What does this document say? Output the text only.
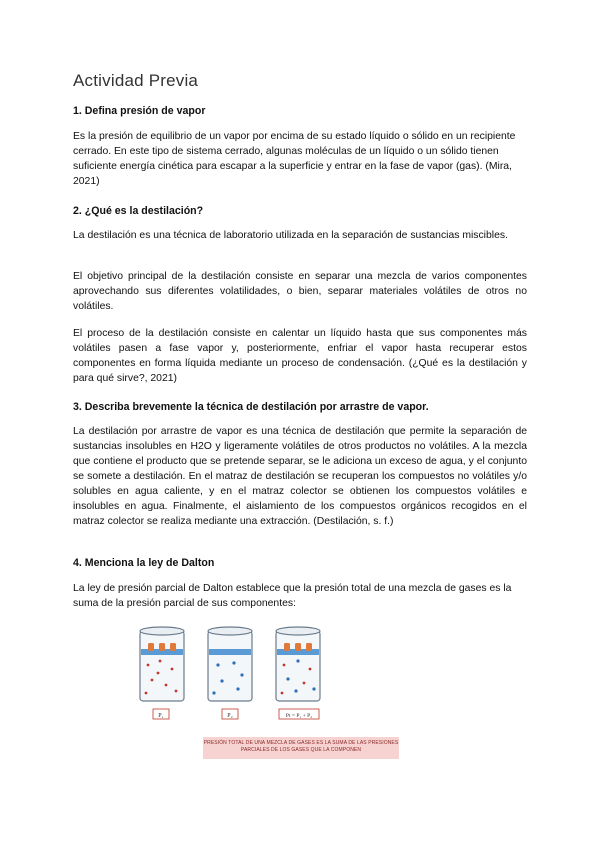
Actividad Previa

1. Defina presión de vapor

Es la presión de equilibrio de un vapor por encima de su estado líquido o sólido en un recipiente cerrado. En este tipo de sistema cerrado, algunas moléculas de un líquido o un sólido tienen suficiente energía cinética para escapar a la superficie y entrar en la fase de vapor (gas). (Mira, 2021)

2. ¿Qué es la destilación?

La destilación es una técnica de laboratorio utilizada en la separación de sustancias miscibles.

El objetivo principal de la destilación consiste en separar una mezcla de varios componentes aprovechando sus diferentes volatilidades, o bien, separar materiales volátiles de otros no volátiles.

El proceso de la destilación consiste en calentar un líquido hasta que sus componentes más volátiles pasen a fase vapor y, posteriormente, enfriar el vapor hasta recuperar estos componentes en forma líquida mediante un proceso de condensación. (¿Qué es la destilación y para qué sirve?, 2021)

3. Describa brevemente la técnica de destilación por arrastre de vapor.

La destilación por arrastre de vapor es una técnica de destilación que permite la separación de sustancias insolubles en H2O y ligeramente volátiles de otros productos no volátiles. A la mezcla que contiene el producto que se pretende separar, se le adiciona un exceso de agua, y el conjunto se somete a destilación. En el matraz de destilación se recuperan los compuestos no volátiles y/o solubles en agua caliente, y en el matraz colector se obtienen los compuestos volátiles e insolubles en agua. Finalmente, el aislamiento de los compuestos orgánicos recogidos en el matraz colector se realiza mediante una extracción. (Destilación, s. f.)

4. Menciona la ley de Dalton

La ley de presión parcial de Dalton establece que la presión total de una mezcla de gases es la suma de la presión parcial de sus componentes:

P₁	P₂	Pt = P₁ + P₂
PRESIÓN TOTAL DE UNA MEZCLA DE GASES ES LA SUMA DE LAS PRESIONES PARCIALES DE LOS GASES QUE LA COMPONEN
